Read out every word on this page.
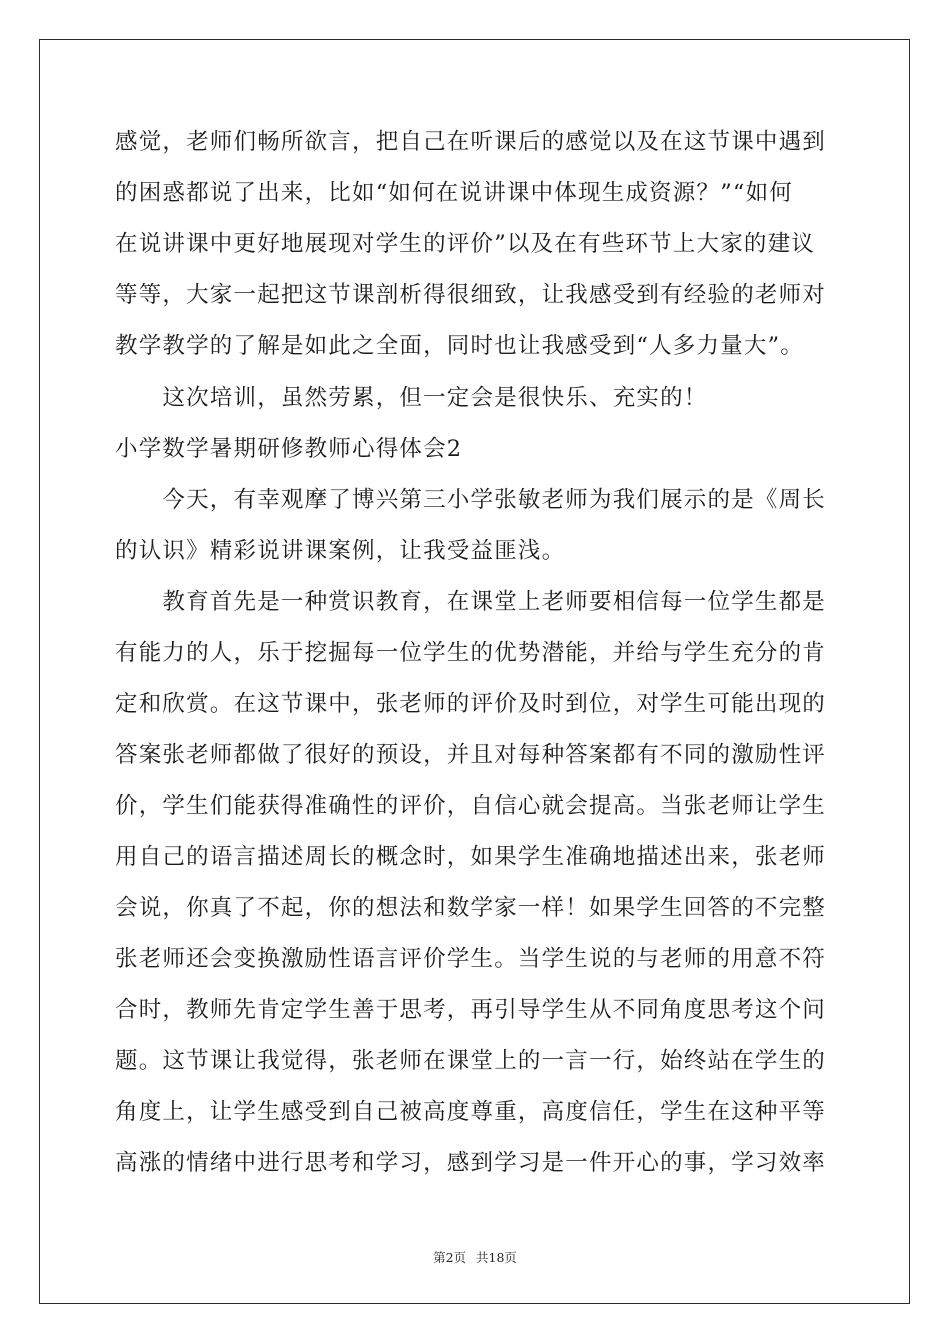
感觉，老师们畅所欲言，把自己在听课后的感觉以及在这节课中遇到
的困惑都说了出来，比如“如何在说讲课中体现生成资源？”“如何
在说讲课中更好地展现对学生的评价”以及在有些环节上大家的建议
等等，大家一起把这节课剖析得很细致，让我感受到有经验的老师对
教学教学的了解是如此之全面，同时也让我感受到“人多力量大”。
　　这次培训，虽然劳累，但一定会是很快乐、充实的！
小学数学暑期研修教师心得体会2
　　今天，有幸观摩了博兴第三小学张敏老师为我们展示的是《周长
的认识》精彩说讲课案例，让我受益匪浅。
　　教育首先是一种赏识教育，在课堂上老师要相信每一位学生都是
有能力的人，乐于挖掘每一位学生的优势潜能，并给与学生充分的肯
定和欣赏。在这节课中，张老师的评价及时到位，对学生可能出现的
答案张老师都做了很好的预设，并且对每种答案都有不同的激励性评
价，学生们能获得准确性的评价，自信心就会提高。当张老师让学生
用自己的语言描述周长的概念时，如果学生准确地描述出来，张老师
会说，你真了不起，你的想法和数学家一样！如果学生回答的不完整
张老师还会变换激励性语言评价学生。当学生说的与老师的用意不符
合时，教师先肯定学生善于思考，再引导学生从不同角度思考这个问
题。这节课让我觉得，张老师在课堂上的一言一行，始终站在学生的
角度上，让学生感受到自己被高度尊重，高度信任，学生在这种平等
高涨的情绪中进行思考和学习，感到学习是一件开心的事，学习效率
第2页 共18页
